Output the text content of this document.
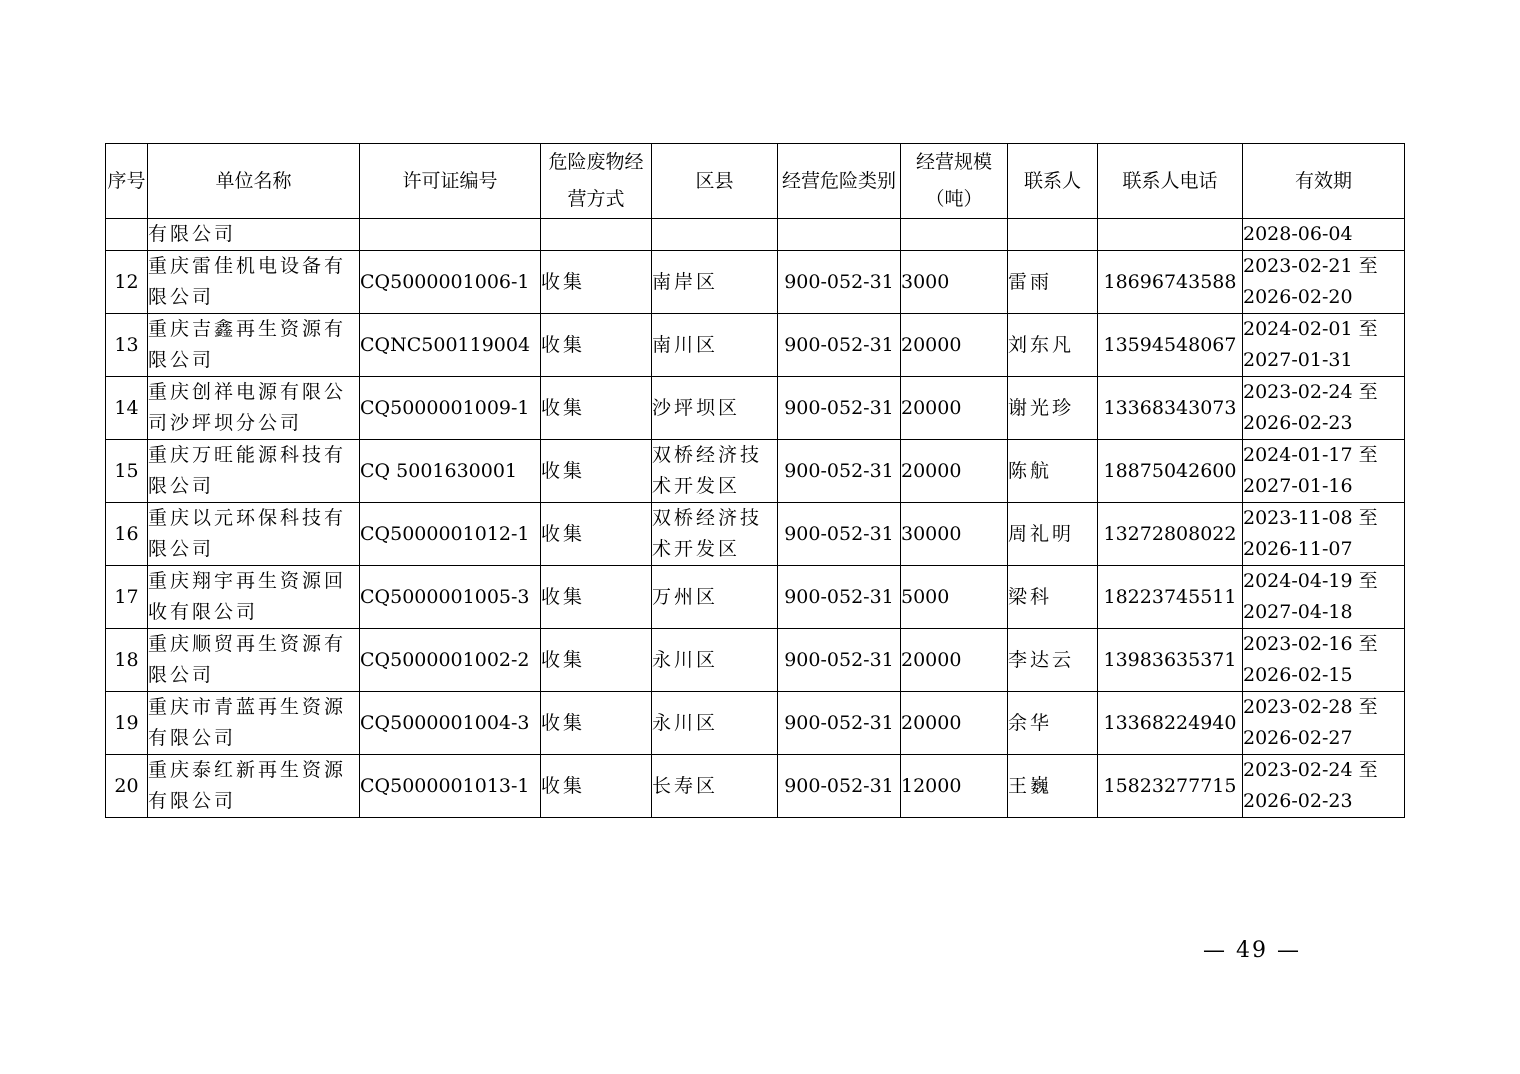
序号	单位名称	许可证编号	危险废物经营方式	区县	经营危险类别	经营规模（吨）	联系人	联系人电话	有效期
	有限公司								2028-06-04
12	重庆雷佳机电设备有限公司	CQ5000001006-1	收集	南岸区	900-052-31	3000	雷雨	18696743588	2023-02-21 至
2026-02-20

13	重庆吉鑫再生资源有限公司	CQNC500119004	收集	南川区	900-052-31	20000	刘东凡	13594548067	2024-02-01 至
2027-01-31

14	重庆创祥电源有限公司沙坪坝分公司	CQ5000001009-1	收集	沙坪坝区	900-052-31	20000	谢光珍	13368343073	2023-02-24 至
2026-02-23

15	重庆万旺能源科技有限公司	CQ 5001630001	收集	双桥经济技术开发区	900-052-31	20000	陈航	18875042600	2024-01-17 至
2027-01-16

16	重庆以元环保科技有限公司	CQ5000001012-1	收集	双桥经济技术开发区	900-052-31	30000	周礼明	13272808022	2023-11-08 至
2026-11-07

17	重庆翔宇再生资源回收有限公司	CQ5000001005-3	收集	万州区	900-052-31	5000	梁科	18223745511	2024-04-19 至
2027-04-18

18	重庆顺贸再生资源有限公司	CQ5000001002-2	收集	永川区	900-052-31	20000	李达云	13983635371	2023-02-16 至
2026-02-15

19	重庆市青蓝再生资源有限公司	CQ5000001004-3	收集	永川区	900-052-31	20000	余华	13368224940	2023-02-28 至
2026-02-27

20	重庆泰红新再生资源有限公司	CQ5000001013-1	收集	长寿区	900-052-31	12000	王巍	15823277715	2023-02-24 至
2026-02-23
— 49 —
